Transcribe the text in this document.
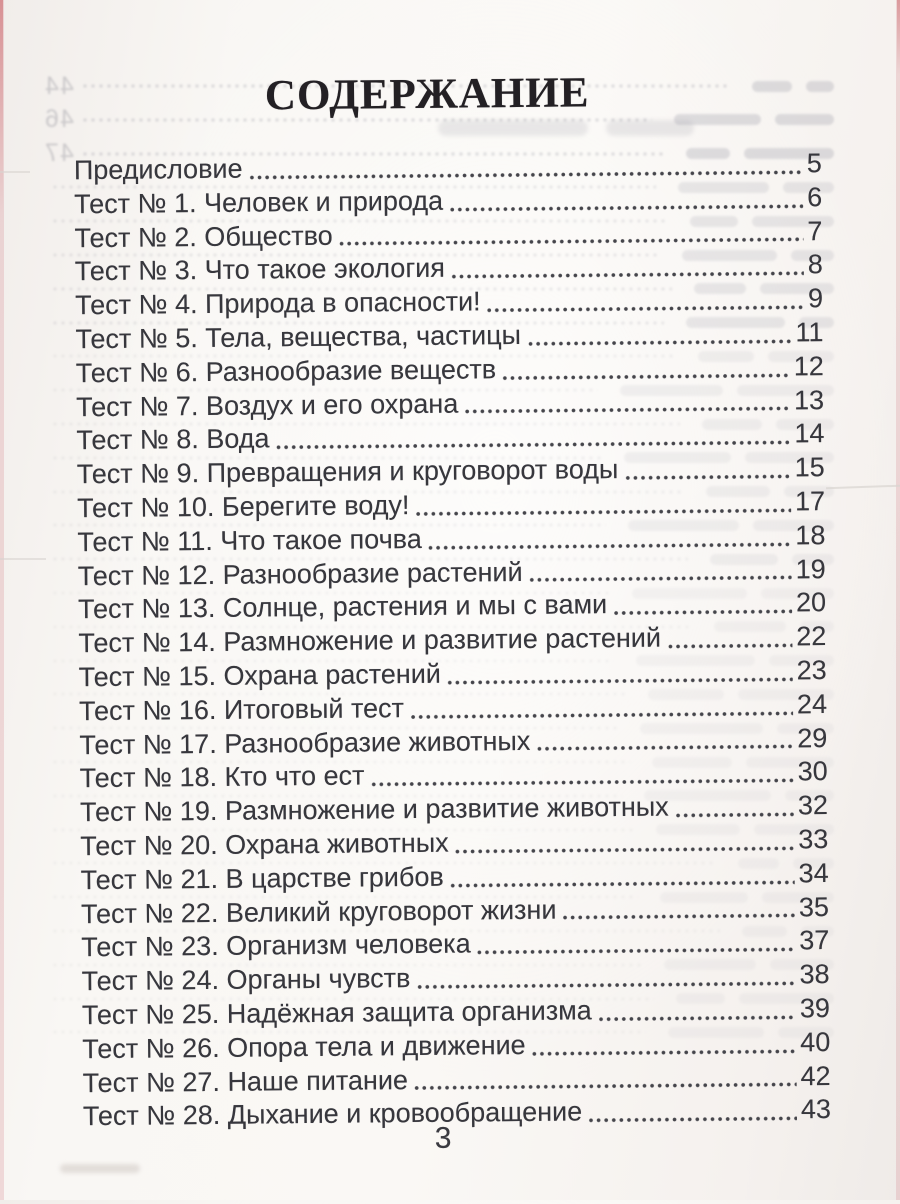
44
46
47
СОДЕРЖАНИЕ
Предисловие	5
Тест № 1. Человек и природа	6
Тест № 2. Общество	7
Тест № 3. Что такое экология	8
Тест № 4. Природа в опасности!	9
Тест № 5. Тела, вещества, частицы	11
Тест № 6. Разнообразие веществ	12
Тест № 7. Воздух и его охрана	13
Тест № 8. Вода	14
Тест № 9. Превращения и круговорот воды	15
Тест № 10. Берегите воду!	17
Тест № 11. Что такое почва	18
Тест № 12. Разнообразие растений	19
Тест № 13. Солнце, растения и мы с вами	20
Тест № 14. Размножение и развитие растений	22
Тест № 15. Охрана растений	23
Тест № 16. Итоговый тест	24
Тест № 17. Разнообразие животных	29
Тест № 18. Кто что ест	30
Тест № 19. Размножение и развитие животных	32
Тест № 20. Охрана животных	33
Тест № 21. В царстве грибов	34
Тест № 22. Великий круговорот жизни	35
Тест № 23. Организм человека	37
Тест № 24. Органы чувств	38
Тест № 25. Надёжная защита организма	39
Тест № 26. Опора тела и движение	40
Тест № 27. Наше питание	42
Тест № 28. Дыхание и кровообращение	43
3
